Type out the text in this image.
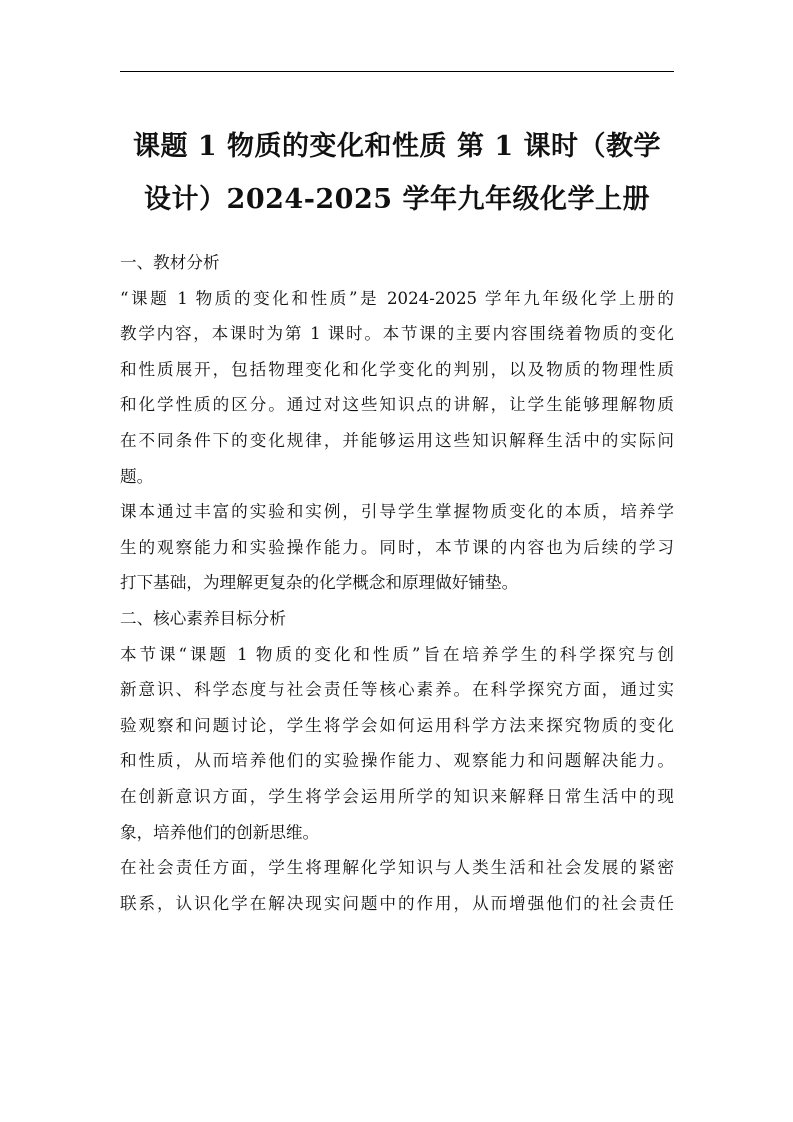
课题 1 物质的变化和性质 第 1 课时（教学
设计）2024-2025 学年九年级化学上册
一、教材分析
“课题 1 物质的变化和性质”是 2024-2025 学年九年级化学上册的
教学内容，本课时为第 1 课时。本节课的主要内容围绕着物质的变化
和性质展开，包括物理变化和化学变化的判别，以及物质的物理性质
和化学性质的区分。通过对这些知识点的讲解，让学生能够理解物质
在不同条件下的变化规律，并能够运用这些知识解释生活中的实际问
题。
课本通过丰富的实验和实例，引导学生掌握物质变化的本质，培养学
生的观察能力和实验操作能力。同时，本节课的内容也为后续的学习
打下基础，为理解更复杂的化学概念和原理做好铺垫。
二、核心素养目标分析
本节课“课题 1 物质的变化和性质”旨在培养学生的科学探究与创
新意识、科学态度与社会责任等核心素养。在科学探究方面，通过实
验观察和问题讨论，学生将学会如何运用科学方法来探究物质的变化
和性质，从而培养他们的实验操作能力、观察能力和问题解决能力。
在创新意识方面，学生将学会运用所学的知识来解释日常生活中的现
象，培养他们的创新思维。
在社会责任方面，学生将理解化学知识与人类生活和社会发展的紧密
联系，认识化学在解决现实问题中的作用，从而增强他们的社会责任
